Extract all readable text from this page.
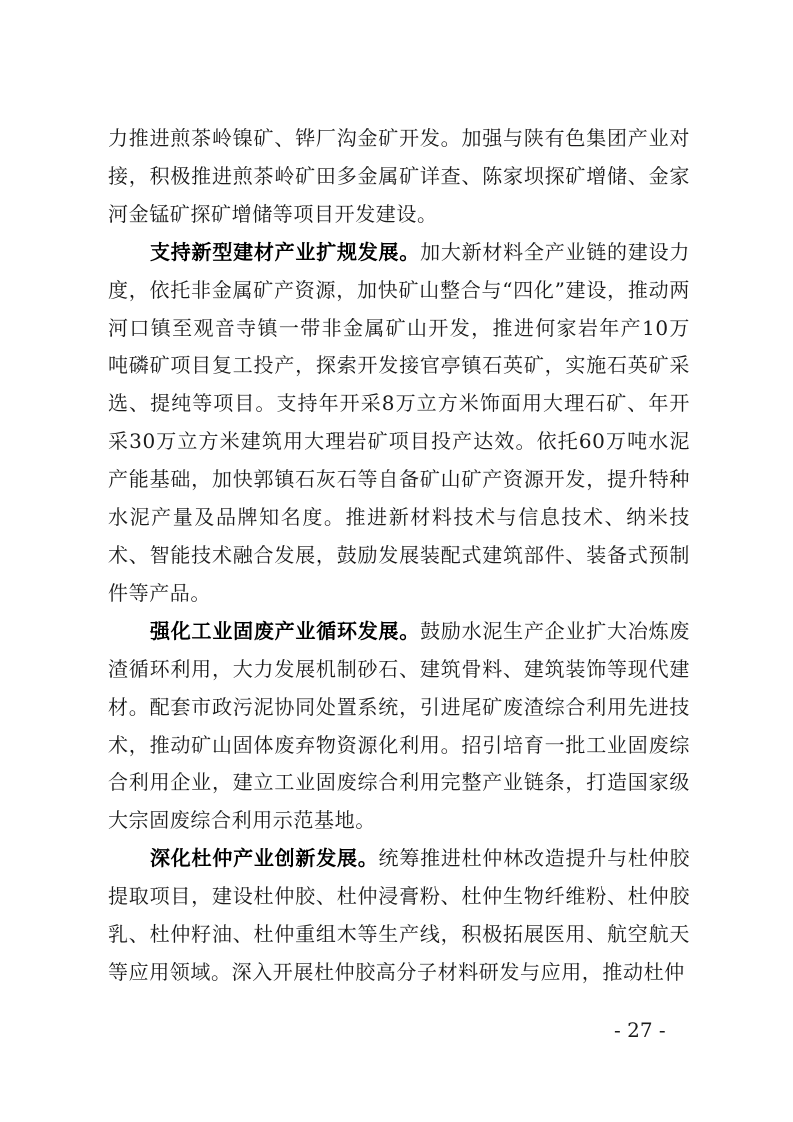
力推进煎茶岭镍矿、铧厂沟金矿开发。加强与陕有色集团产业对接，积极推进煎茶岭矿田多金属矿详查、陈家坝探矿增储、金家河金锰矿探矿增储等项目开发建设。

支持新型建材产业扩规发展。加大新材料全产业链的建设力度，依托非金属矿产资源，加快矿山整合与“四化”建设，推动两河口镇至观音寺镇一带非金属矿山开发，推进何家岩年产10万吨磷矿项目复工投产，探索开发接官亭镇石英矿，实施石英矿采选、提纯等项目。支持年开采8万立方米饰面用大理石矿、年开采30万立方米建筑用大理岩矿项目投产达效。依托60万吨水泥产能基础，加快郭镇石灰石等自备矿山矿产资源开发，提升特种水泥产量及品牌知名度。推进新材料技术与信息技术、纳米技术、智能技术融合发展，鼓励发展装配式建筑部件、装备式预制件等产品。

强化工业固废产业循环发展。鼓励水泥生产企业扩大冶炼废渣循环利用，大力发展机制砂石、建筑骨料、建筑装饰等现代建材。配套市政污泥协同处置系统，引进尾矿废渣综合利用先进技术，推动矿山固体废弃物资源化利用。招引培育一批工业固废综合利用企业，建立工业固废综合利用完整产业链条，打造国家级大宗固废综合利用示范基地。

深化杜仲产业创新发展。统筹推进杜仲林改造提升与杜仲胶提取项目，建设杜仲胶、杜仲浸膏粉、杜仲生物纤维粉、杜仲胶乳、杜仲籽油、杜仲重组木等生产线，积极拓展医用、航空航天等应用领域。深入开展杜仲胶高分子材料研发与应用，推动杜仲

- 27 -
